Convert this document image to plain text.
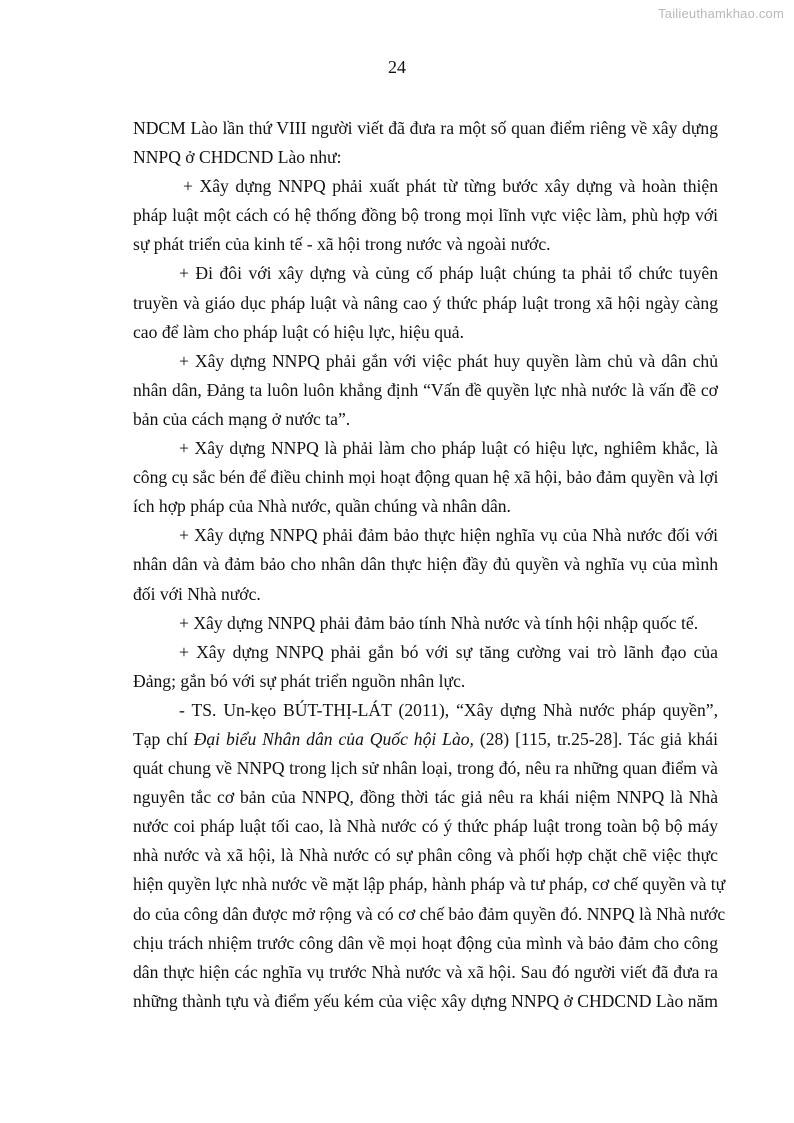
Tailieuthamkhao.com
24
NDCM Lào lần thứ VIII người viết đã đưa ra một số quan điểm riêng về xây dựng
NNPQ ở CHDCND Lào như:
+ Xây dựng NNPQ phải xuất phát từ từng bước xây dựng và hoàn thiện
pháp luật một cách có hệ thống đồng bộ trong mọi lĩnh vực việc làm, phù hợp với
sự phát triển của kinh tế - xã hội trong nước và ngoài nước.
+ Đi đôi với xây dựng và củng cố pháp luật chúng ta phải tổ chức tuyên
truyền và giáo dục pháp luật và nâng cao ý thức pháp luật trong xã hội ngày càng
cao để làm cho pháp luật có hiệu lực, hiệu quả.
+ Xây dựng NNPQ phải gắn với việc phát huy quyền làm chủ và dân chủ
nhân dân, Đảng ta luôn luôn khẳng định “Vấn đề quyền lực nhà nước là vấn đề cơ
bản của cách mạng ở nước ta”.
+ Xây dựng NNPQ là phải làm cho pháp luật có hiệu lực, nghiêm khắc, là
công cụ sắc bén để điều chinh mọi hoạt động quan hệ xã hội, bảo đảm quyền và lợi
ích hợp pháp của Nhà nước, quần chúng và nhân dân.
+ Xây dựng NNPQ phải đảm bảo thực hiện nghĩa vụ của Nhà nước đối với
nhân dân và đảm bảo cho nhân dân thực hiện đầy đủ quyền và nghĩa vụ của mình
đối với Nhà nước.
+ Xây dựng NNPQ phải đảm bảo tính Nhà nước và tính hội nhập quốc tế.
+ Xây dựng NNPQ phải gắn bó với sự tăng cường vai trò lãnh đạo của
Đảng; gắn bó với sự phát triển nguồn nhân lực.
- TS. Un-kẹo BÚT-THỊ-LÁT (2011), “Xây dựng Nhà nước pháp quyền”,
Tạp chí Đại biểu Nhân dân của Quốc hội Lào, (28) [115, tr.25-28]. Tác giả khái
quát chung về NNPQ trong lịch sử nhân loại, trong đó, nêu ra những quan điểm và
nguyên tắc cơ bản của NNPQ, đồng thời tác giả nêu ra khái niệm NNPQ là Nhà
nước coi pháp luật tối cao, là Nhà nước có ý thức pháp luật trong toàn bộ bộ máy
nhà nước và xã hội, là Nhà nước có sự phân công và phối hợp chặt chẽ việc thực
hiện quyền lực nhà nước về mặt lập pháp, hành pháp và tư pháp, cơ chế quyền và tự
do của công dân được mở rộng và có cơ chế bảo đảm quyền đó. NNPQ là Nhà nước
chịu trách nhiệm trước công dân về mọi hoạt động của mình và bảo đảm cho công
dân thực hiện các nghĩa vụ trước Nhà nước và xã hội. Sau đó người viết đã đưa ra
những thành tựu và điểm yếu kém của việc xây dựng NNPQ ở CHDCND Lào năm
